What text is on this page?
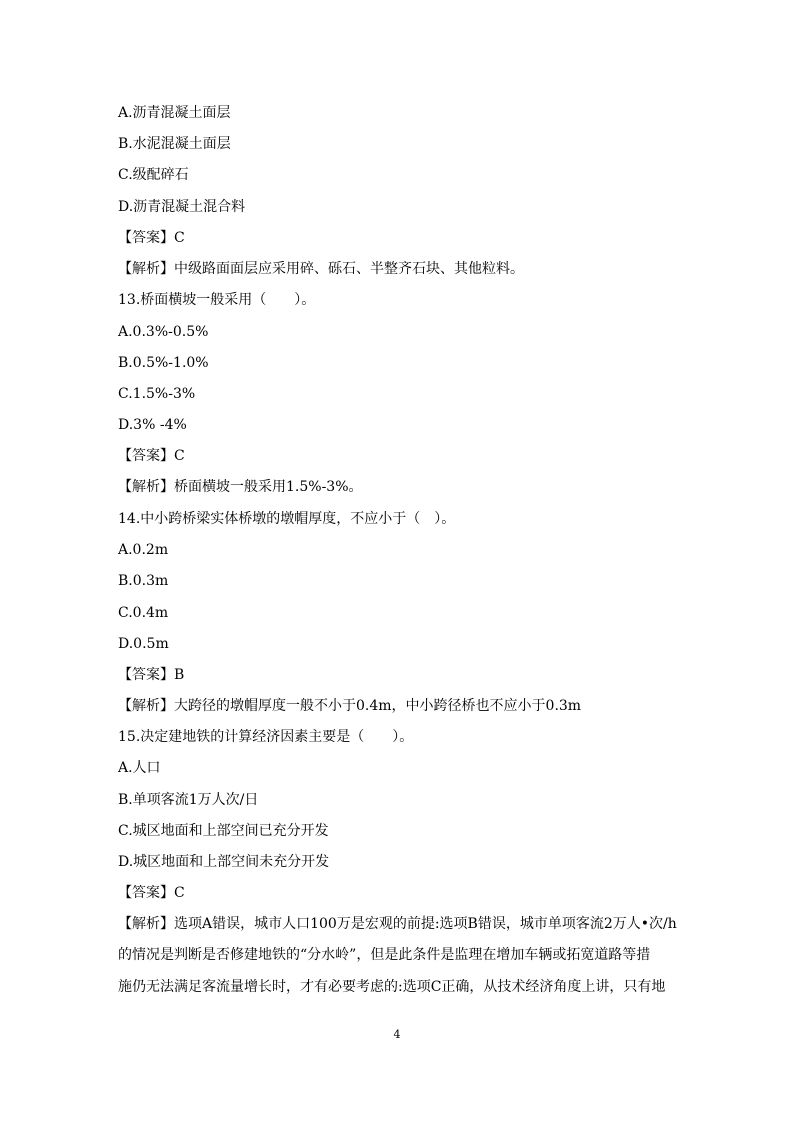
A.沥青混凝土面层
B.水泥混凝土面层
C.级配碎石
D.沥青混凝土混合料
【答案】C
【解析】中级路面面层应采用碎、砾石、半整齐石块、其他粒料。
13.桥面横坡一般采用（　　）。
A.0.3%-0.5%
B.0.5%-1.0%
C.1.5%-3%
D.3% -4%
【答案】C
【解析】桥面横坡一般采用1.5%-3%。
14.中小跨桥梁实体桥墩的墩帽厚度，不应小于（　）。
A.0.2m
B.0.3m
C.0.4m
D.0.5m
【答案】B
【解析】大跨径的墩帽厚度一般不小于0.4m，中小跨径桥也不应小于0.3m
15.决定建地铁的计算经济因素主要是（　　）。
A.人口
B.单项客流1万人次/日
C.城区地面和上部空间已充分开发
D.城区地面和上部空间未充分开发
【答案】C
【解析】选项A错误，城市人口100万是宏观的前提:选项B错误，城市单项客流2万人•次/h
的情况是判断是否修建地铁的“分水岭”，但是此条件是监理在增加车辆或拓宽道路等措
施仍无法满足客流量增长时，才有必要考虑的:选项C正确，从技术经济角度上讲，只有地
4
